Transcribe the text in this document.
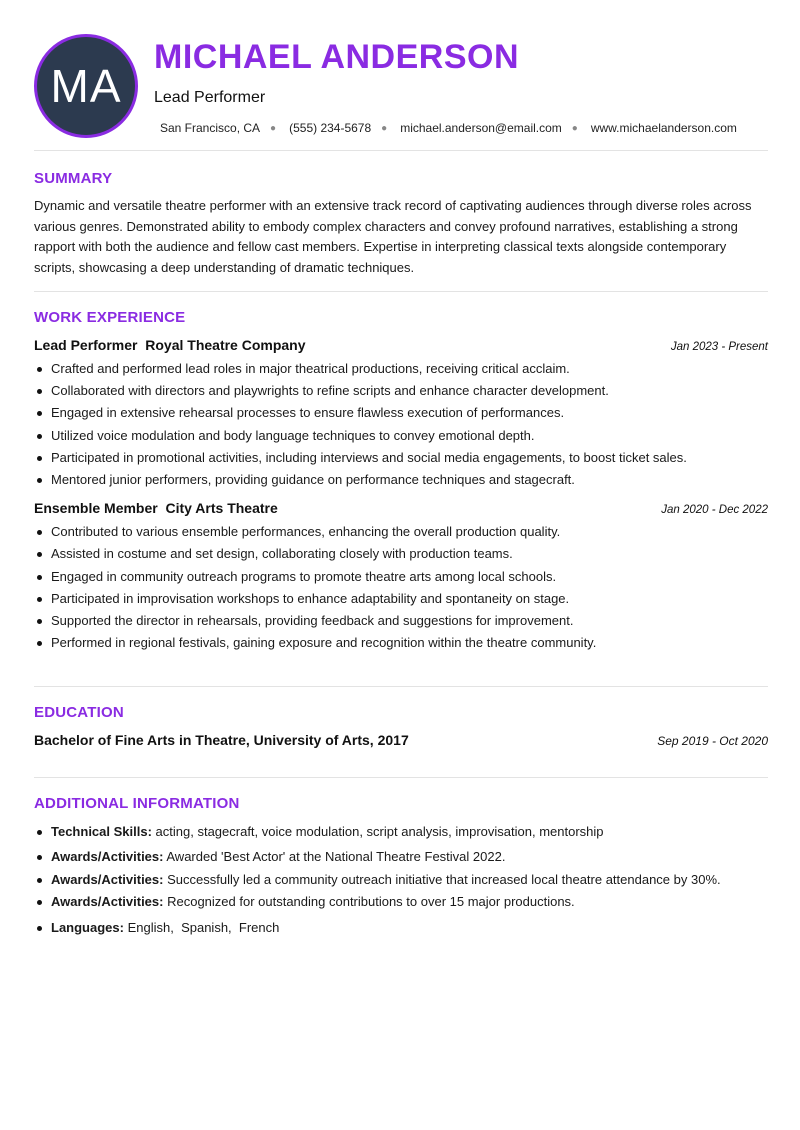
MA
MICHAEL ANDERSON
Lead Performer
San Francisco, CA ● (555) 234-5678 ● michael.anderson@email.com ● www.michaelanderson.com
SUMMARY
Dynamic and versatile theatre performer with an extensive track record of captivating audiences through diverse roles across various genres. Demonstrated ability to embody complex characters and convey profound narratives, establishing a strong rapport with both the audience and fellow cast members. Expertise in interpreting classical texts alongside contemporary scripts, showcasing a deep understanding of dramatic techniques.
WORK EXPERIENCE
Lead Performer  Royal Theatre Company	Jan 2023 - Present
Crafted and performed lead roles in major theatrical productions, receiving critical acclaim.
Collaborated with directors and playwrights to refine scripts and enhance character development.
Engaged in extensive rehearsal processes to ensure flawless execution of performances.
Utilized voice modulation and body language techniques to convey emotional depth.
Participated in promotional activities, including interviews and social media engagements, to boost ticket sales.
Mentored junior performers, providing guidance on performance techniques and stagecraft.
Ensemble Member  City Arts Theatre	Jan 2020 - Dec 2022
Contributed to various ensemble performances, enhancing the overall production quality.
Assisted in costume and set design, collaborating closely with production teams.
Engaged in community outreach programs to promote theatre arts among local schools.
Participated in improvisation workshops to enhance adaptability and spontaneity on stage.
Supported the director in rehearsals, providing feedback and suggestions for improvement.
Performed in regional festivals, gaining exposure and recognition within the theatre community.
EDUCATION
Bachelor of Fine Arts in Theatre, University of Arts, 2017	Sep 2019 - Oct 2020
ADDITIONAL INFORMATION
Technical Skills: acting, stagecraft, voice modulation, script analysis, improvisation, mentorship
Awards/Activities: Awarded 'Best Actor' at the National Theatre Festival 2022.
Awards/Activities: Successfully led a community outreach initiative that increased local theatre attendance by 30%.
Awards/Activities: Recognized for outstanding contributions to over 15 major productions.
Languages: English,  Spanish,  French
